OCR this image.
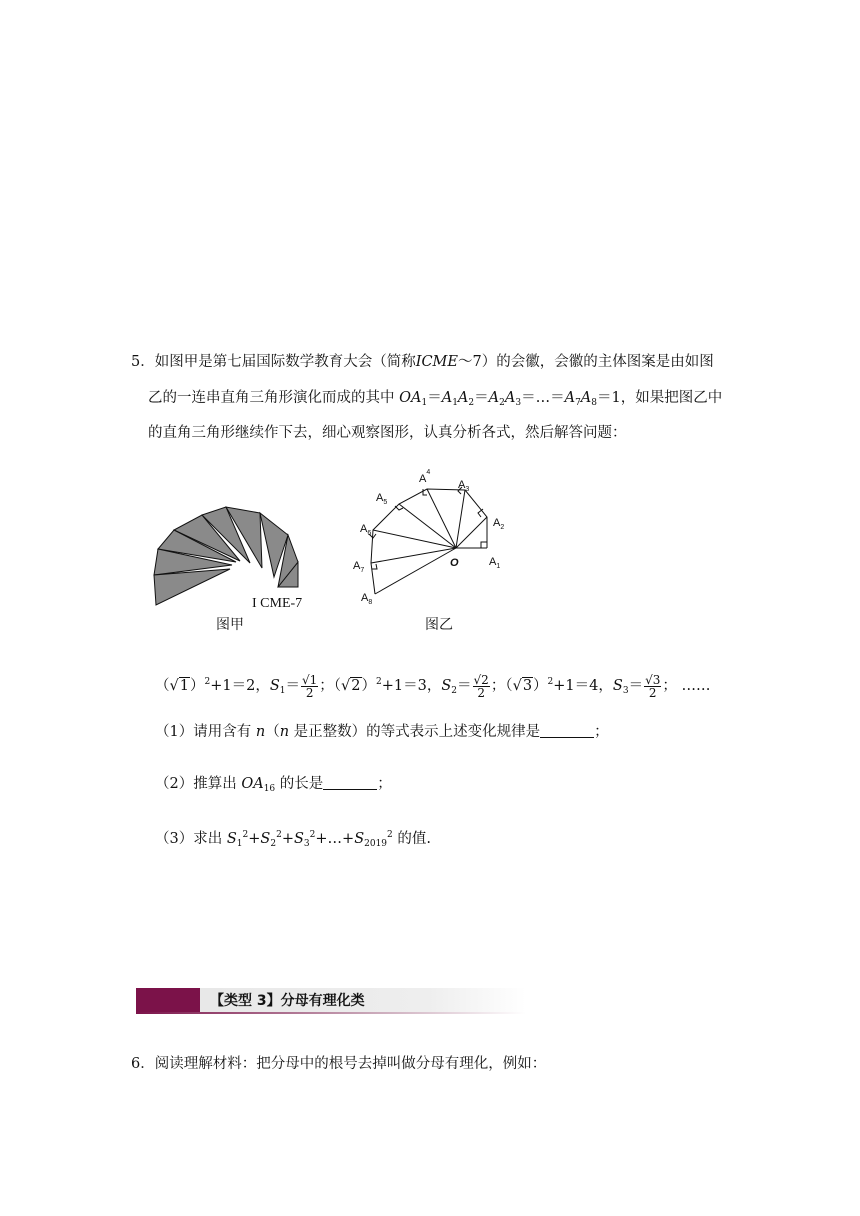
5．如图甲是第七届国际数学教育大会（简称ICME～7）的会徽，会徽的主体图案是由如图
乙的一连串直角三角形演化而成的其中 $OA_1=A_1A_2=A_2A_3=\dots=A_7A_8=1$，如果把图乙中
的直角三角形继续作下去，细心观察图形，认真分析各式，然后解答问题：
I CME-7
图甲
$A_1$
$A_2$
$A_3$
$A^4$
$A_5$
$A_6$
$A_7$
$A_8$
O
图乙
$(√1)^2+1=2$，$S_1= \frac{√1}{2}$ ；$(√2)^2+1=3$，$S_2= \frac{√2}{2}$ ；$(√3)^2+1=4$，$S_3= \frac{√3}{2}$ ； ……
（1）请用含有 n（n 是正整数）的等式表示上述变化规律是	；
（2）推算出 $OA_{16}$ 的长是	；
（3）求出 $S_1^2+S_2^2+S_3^2+\dots+S_{2019}^2$ 的值.
【类型 3】分母有理化类
6．阅读理解材料：把分母中的根号去掉叫做分母有理化，例如：
